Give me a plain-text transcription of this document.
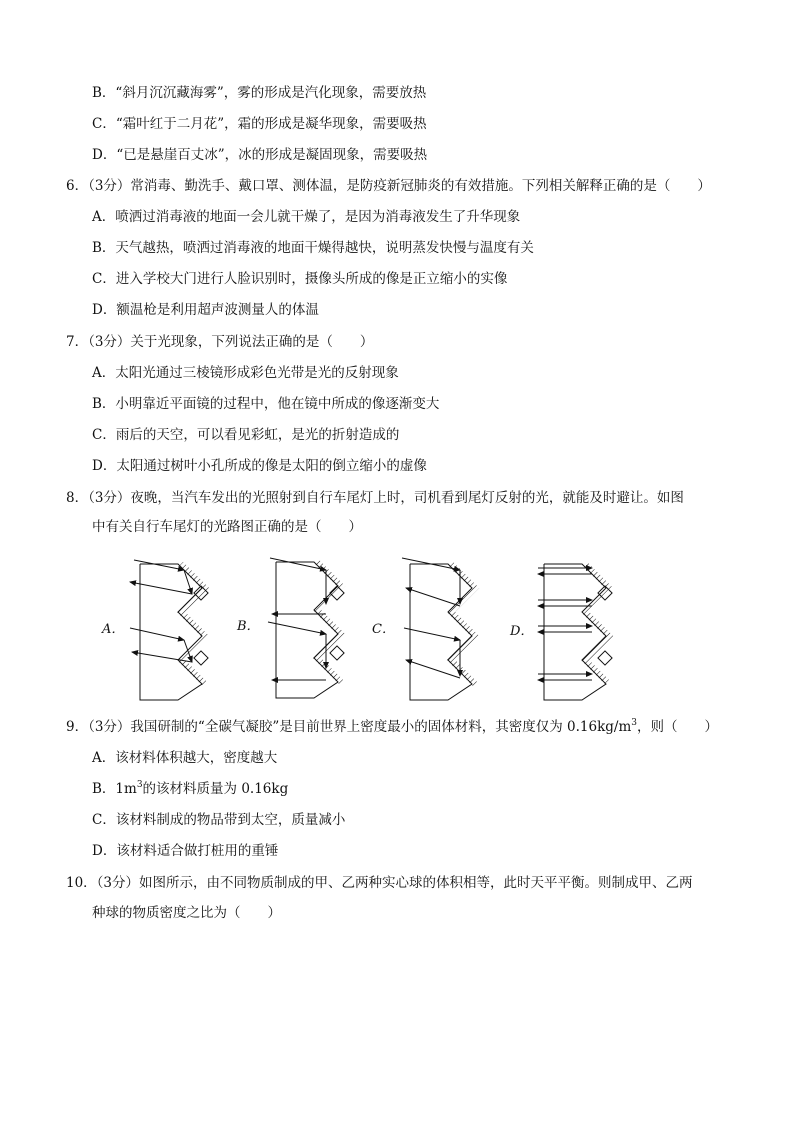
B．“斜月沉沉藏海雾”，雾的形成是汽化现象，需要放热
C．“霜叶红于二月花”，霜的形成是凝华现象，需要吸热
D．“已是悬崖百丈冰”，冰的形成是凝固现象，需要吸热
6．（3分）常消毒、勤洗手、戴口罩、测体温，是防疫新冠肺炎的有效措施。下列相关解释正确的是（　　）
A．喷洒过消毒液的地面一会儿就干燥了，是因为消毒液发生了升华现象
B．天气越热，喷洒过消毒液的地面干燥得越快，说明蒸发快慢与温度有关
C．进入学校大门进行人脸识别时，摄像头所成的像是正立缩小的实像
D．额温枪是利用超声波测量人的体温
7．（3分）关于光现象，下列说法正确的是（　　）
A．太阳光通过三棱镜形成彩色光带是光的反射现象
B．小明靠近平面镜的过程中，他在镜中所成的像逐渐变大
C．雨后的天空，可以看见彩虹，是光的折射造成的
D．太阳通过树叶小孔所成的像是太阳的倒立缩小的虚像
8．（3分）夜晚，当汽车发出的光照射到自行车尾灯上时，司机看到尾灯反射的光，就能及时避让。如图
中有关自行车尾灯的光路图正确的是（　　）
A．	B．	C．	D．
9．（3分）我国研制的“全碳气凝胶”是目前世界上密度最小的固体材料，其密度仅为 $0.16kg/m^3$，则（　　）
A．该材料体积越大，密度越大
B．$1m^3$的该材料质量为 0.16kg
C．该材料制成的物品带到太空，质量减小
D．该材料适合做打桩用的重锤
10．（3分）如图所示，由不同物质制成的甲、乙两种实心球的体积相等，此时天平平衡。则制成甲、乙两
种球的物质密度之比为（　　）
